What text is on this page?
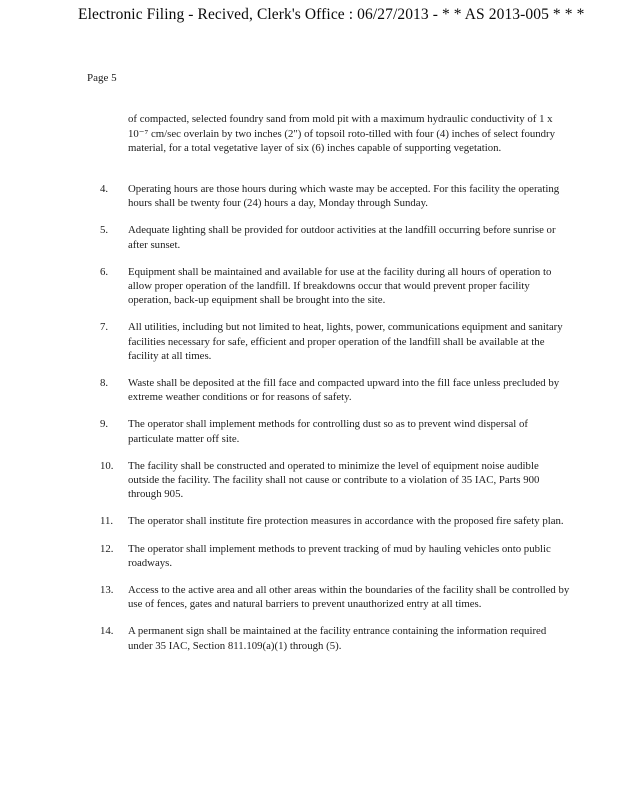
Electronic Filing - Recived, Clerk's Office : 06/27/2013 - * * AS 2013-005 * * *
Page 5
of compacted, selected foundry sand from mold pit with a maximum hydraulic conductivity of 1 x 10⁻⁷ cm/sec overlain by two inches (2") of topsoil roto-tilled with four (4) inches of select foundry material, for a total vegetative layer of six (6) inches capable of supporting vegetation.
4.	Operating hours are those hours during which waste may be accepted. For this facility the operating hours shall be twenty four (24) hours a day, Monday through Sunday.
5.	Adequate lighting shall be provided for outdoor activities at the landfill occurring before sunrise or after sunset.
6.	Equipment shall be maintained and available for use at the facility during all hours of operation to allow proper operation of the landfill. If breakdowns occur that would prevent proper facility operation, back-up equipment shall be brought into the site.
7.	All utilities, including but not limited to heat, lights, power, communications equipment and sanitary facilities necessary for safe, efficient and proper operation of the landfill shall be available at the facility at all times.
8.	Waste shall be deposited at the fill face and compacted upward into the fill face unless precluded by extreme weather conditions or for reasons of safety.
9.	The operator shall implement methods for controlling dust so as to prevent wind dispersal of particulate matter off site.
10.	The facility shall be constructed and operated to minimize the level of equipment noise audible outside the facility. The facility shall not cause or contribute to a violation of 35 IAC, Parts 900 through 905.
11.	The operator shall institute fire protection measures in accordance with the proposed fire safety plan.
12.	The operator shall implement methods to prevent tracking of mud by hauling vehicles onto public roadways.
13.	Access to the active area and all other areas within the boundaries of the facility shall be controlled by use of fences, gates and natural barriers to prevent unauthorized entry at all times.
14.	A permanent sign shall be maintained at the facility entrance containing the information required under 35 IAC, Section 811.109(a)(1) through (5).
